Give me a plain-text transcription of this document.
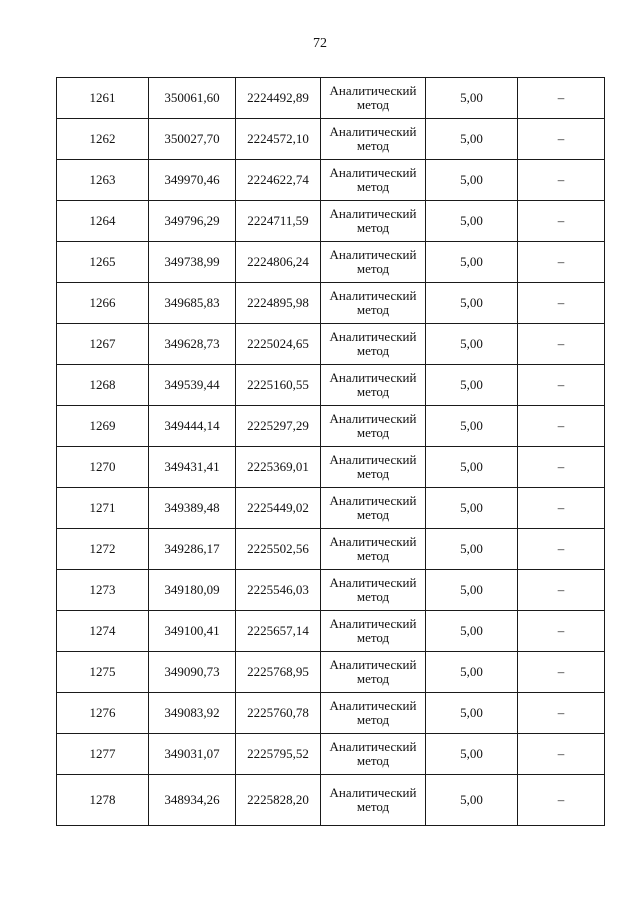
72
1261	350061,60	2224492,89	Аналитический метод	5,00	–
1262	350027,70	2224572,10	Аналитический метод	5,00	–
1263	349970,46	2224622,74	Аналитический метод	5,00	–
1264	349796,29	2224711,59	Аналитический метод	5,00	–
1265	349738,99	2224806,24	Аналитический метод	5,00	–
1266	349685,83	2224895,98	Аналитический метод	5,00	–
1267	349628,73	2225024,65	Аналитический метод	5,00	–
1268	349539,44	2225160,55	Аналитический метод	5,00	–
1269	349444,14	2225297,29	Аналитический метод	5,00	–
1270	349431,41	2225369,01	Аналитический метод	5,00	–
1271	349389,48	2225449,02	Аналитический метод	5,00	–
1272	349286,17	2225502,56	Аналитический метод	5,00	–
1273	349180,09	2225546,03	Аналитический метод	5,00	–
1274	349100,41	2225657,14	Аналитический метод	5,00	–
1275	349090,73	2225768,95	Аналитический метод	5,00	–
1276	349083,92	2225760,78	Аналитический метод	5,00	–
1277	349031,07	2225795,52	Аналитический метод	5,00	–
1278	348934,26	2225828,20	Аналитический метод	5,00	–
